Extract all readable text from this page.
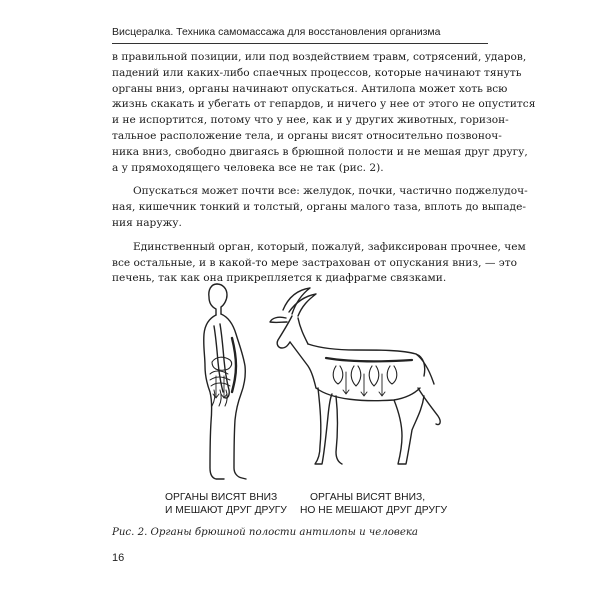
Висцералка. Техника самомассажа для восстановления организма

в правильной позиции, или под воздействием травм, сотрясений, ударов,
падений или каких-либо спаечных процессов, которые начинают тянуть
органы вниз, органы начинают опускаться. Антилопа может хоть всю
жизнь скакать и убегать от гепардов, и ничего у нее от этого не опустится
и не испортится, потому что у нее, как и у других животных, горизон-
тальное расположение тела, и органы висят относительно позвоноч-
ника вниз, свободно двигаясь в брюшной полости и не мешая друг другу,
а у прямоходящего человека все не так (рис. 2).

Опускаться может почти все: желудок, почки, частично поджелудоч-
ная, кишечник тонкий и толстый, органы малого таза, вплоть до выпаде-
ния наружу.

Единственный орган, который, пожалуй, зафиксирован прочнее, чем
все остальные, и в какой-то мере застрахован от опускания вниз, — это
печень, так как она прикрепляется к диафрагме связками.

ОРГАНЫ ВИСЯТ ВНИЗ
И МЕШАЮТ ДРУГ ДРУГУ
ОРГАНЫ ВИСЯТ ВНИЗ,
НО НЕ МЕШАЮТ ДРУГ ДРУГУ
Рис. 2. Органы брюшной полости антилопы и человека
16
